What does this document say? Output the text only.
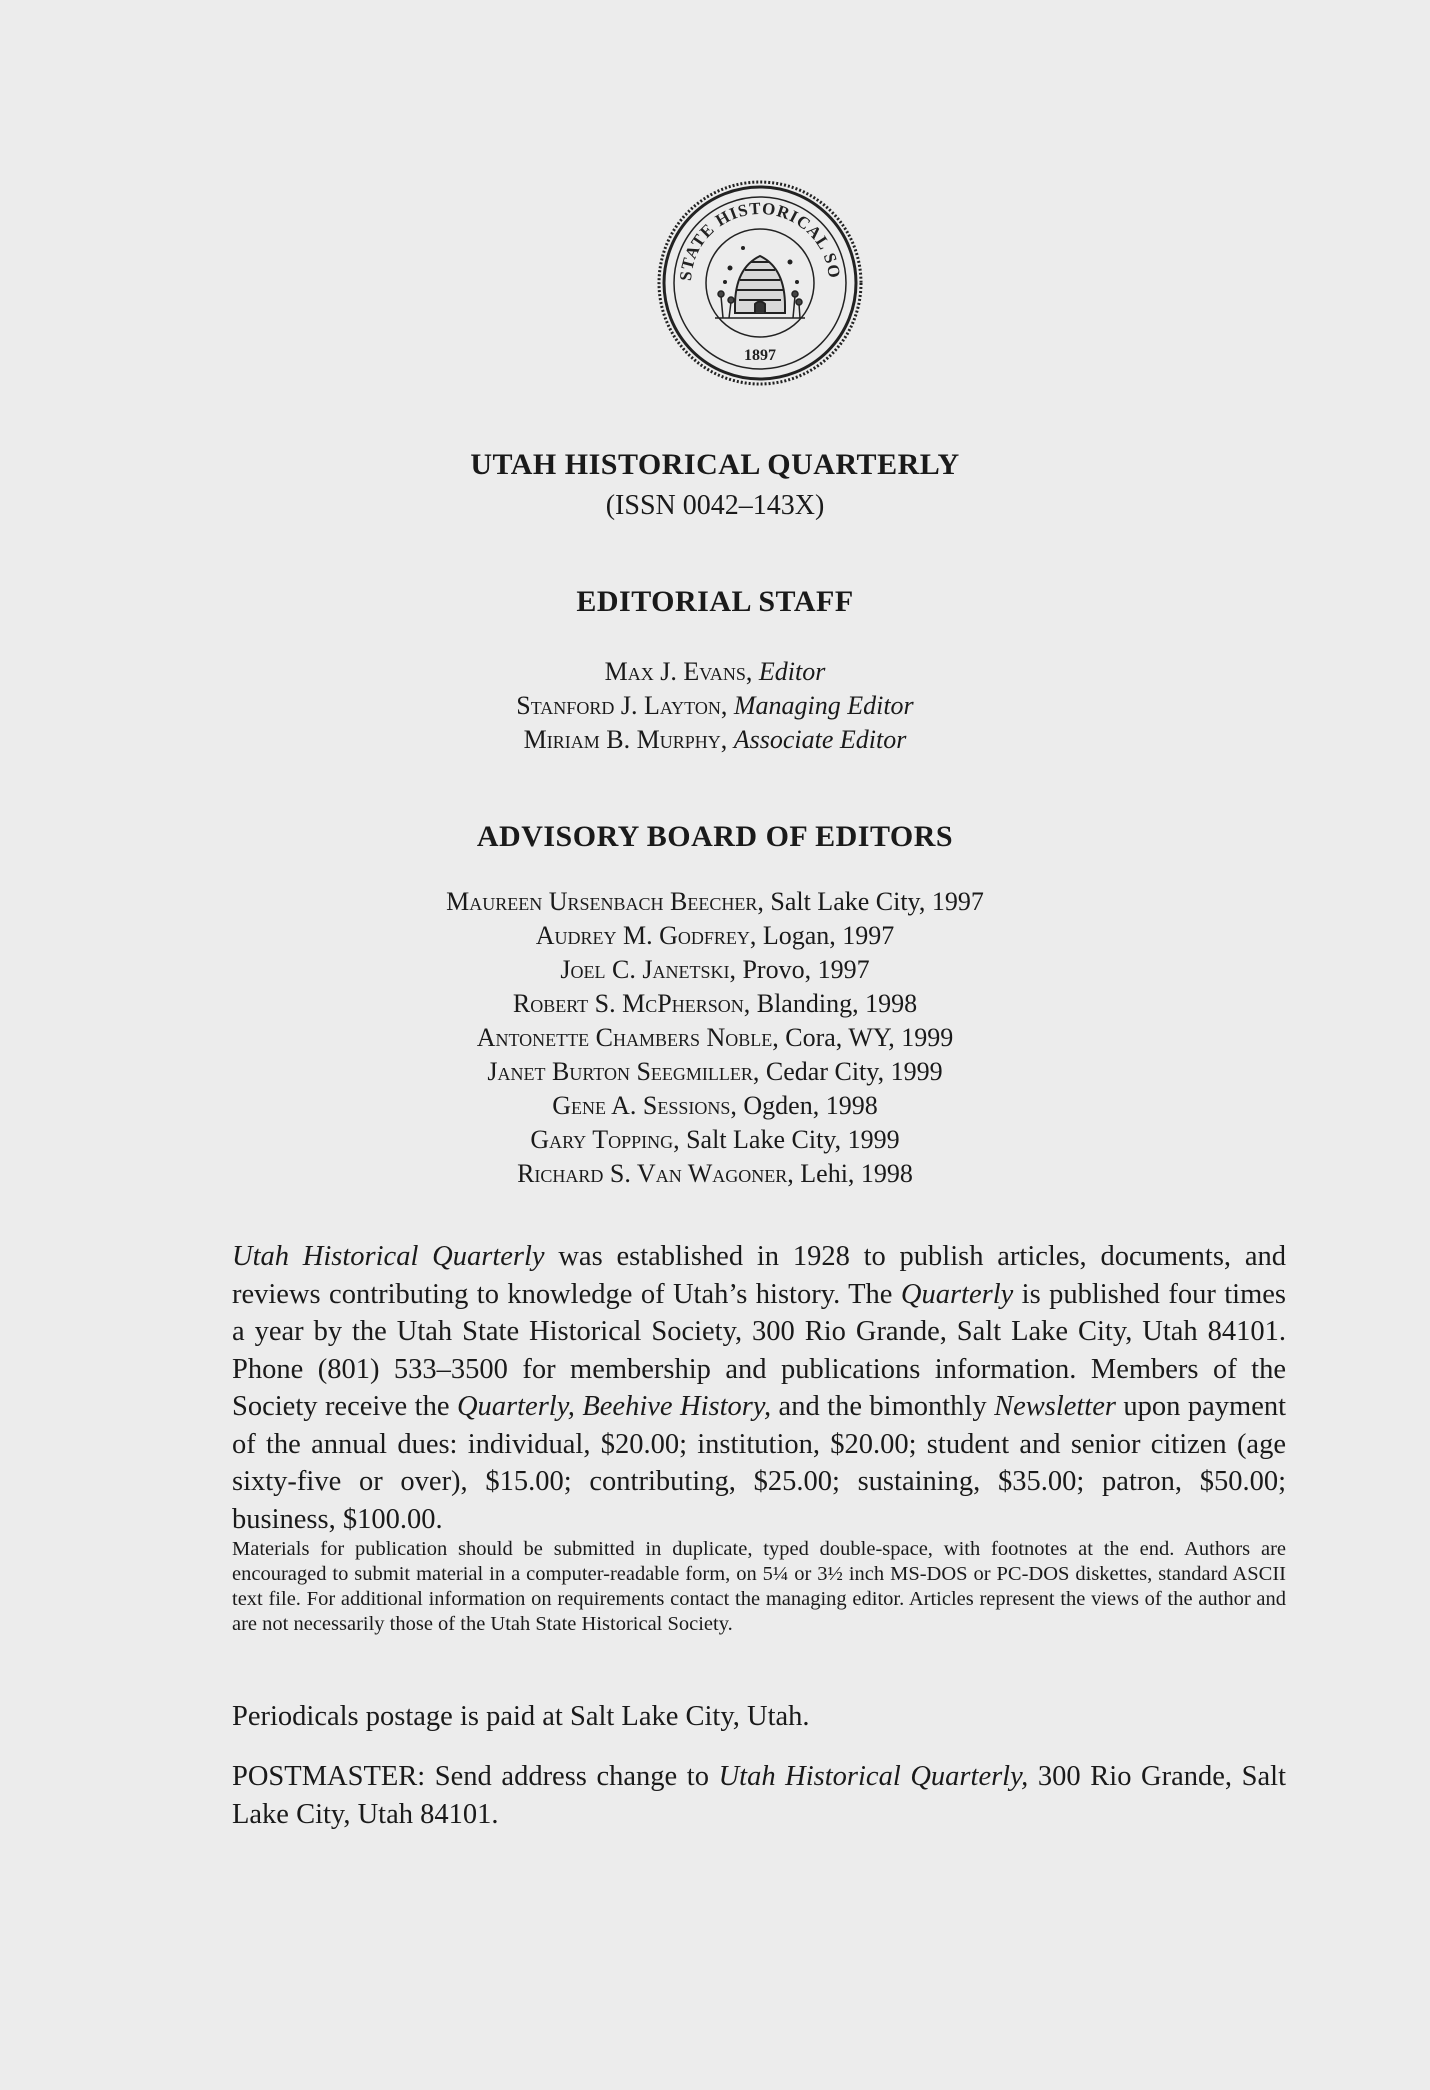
STATE HISTORICAL SO
1897
UTAH HISTORICAL QUARTERLY
(ISSN 0042–143X)
EDITORIAL STAFF
Max J. Evans, Editor
Stanford J. Layton, Managing Editor
Miriam B. Murphy, Associate Editor
ADVISORY BOARD OF EDITORS
Maureen Ursenbach Beecher, Salt Lake City, 1997
Audrey M. Godfrey, Logan, 1997
Joel C. Janetski, Provo, 1997
Robert S. McPherson, Blanding, 1998
Antonette Chambers Noble, Cora, WY, 1999
Janet Burton Seegmiller, Cedar City, 1999
Gene A. Sessions, Ogden, 1998
Gary Topping, Salt Lake City, 1999
Richard S. Van Wagoner, Lehi, 1998

Utah Historical Quarterly was established in 1928 to publish articles, documents, and reviews contributing to knowledge of Utah’s history. The Quarterly is published four times a year by the Utah State Historical Society, 300 Rio Grande, Salt Lake City, Utah 84101. Phone (801) 533–3500 for membership and publications information. Members of the Society receive the Quarterly, Beehive History, and the bimonthly Newsletter upon payment of the annual dues: individual, $20.00; institution, $20.00; student and senior citizen (age sixty-five or over), $15.00; contributing, $25.00; sustaining, $35.00; patron, $50.00; business, $100.00.

Materials for publication should be submitted in duplicate, typed double-space, with footnotes at the end. Authors are encouraged to submit material in a computer-readable form, on 5¼ or 3½ inch MS-DOS or PC-DOS diskettes, standard ASCII text file. For additional information on requirements contact the managing editor. Articles represent the views of the author and are not necessarily those of the Utah State Historical Society.

Periodicals postage is paid at Salt Lake City, Utah.

POSTMASTER: Send address change to Utah Historical Quarterly, 300 Rio Grande, Salt Lake City, Utah 84101.
